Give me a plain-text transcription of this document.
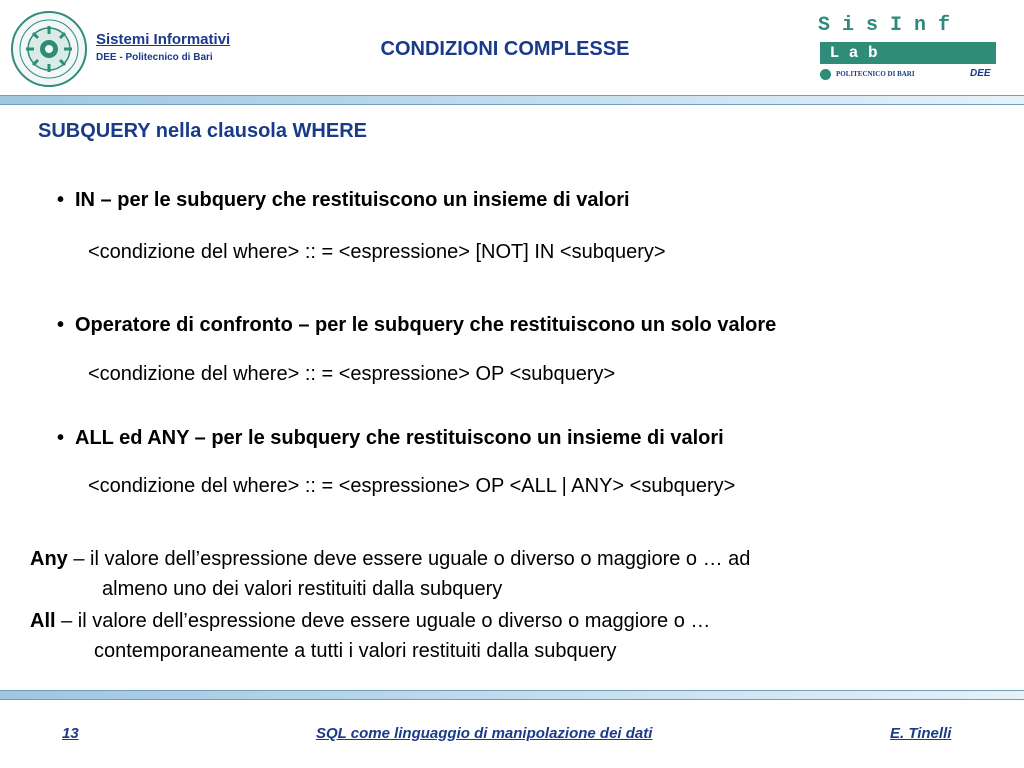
Sistemi Informativi
DEE - Politecnico di Bari	CONDIZIONI COMPLESSE
S i s I n f
L a b
POLITECNICO DI BARI	DEE
SUBQUERY nella clausola WHERE
• IN – per le subquery che restituiscono un insieme di valori
<condizione del where> :: = <espressione> [NOT] IN <subquery>
• Operatore di confronto – per le subquery che restituiscono un solo valore
<condizione del where> :: = <espressione> OP <subquery>
• ALL ed ANY – per le subquery che restituiscono un insieme di valori
<condizione del where> :: = <espressione> OP <ALL | ANY> <subquery>
Any – il valore dell’espressione deve essere uguale o diverso o maggiore o … ad
almeno uno dei valori restituiti dalla subquery
All – il valore dell’espressione deve essere uguale o diverso o maggiore o …
contemporaneamente a tutti i valori restituiti dalla subquery
13	SQL come linguaggio di manipolazione dei dati	E. Tinelli
